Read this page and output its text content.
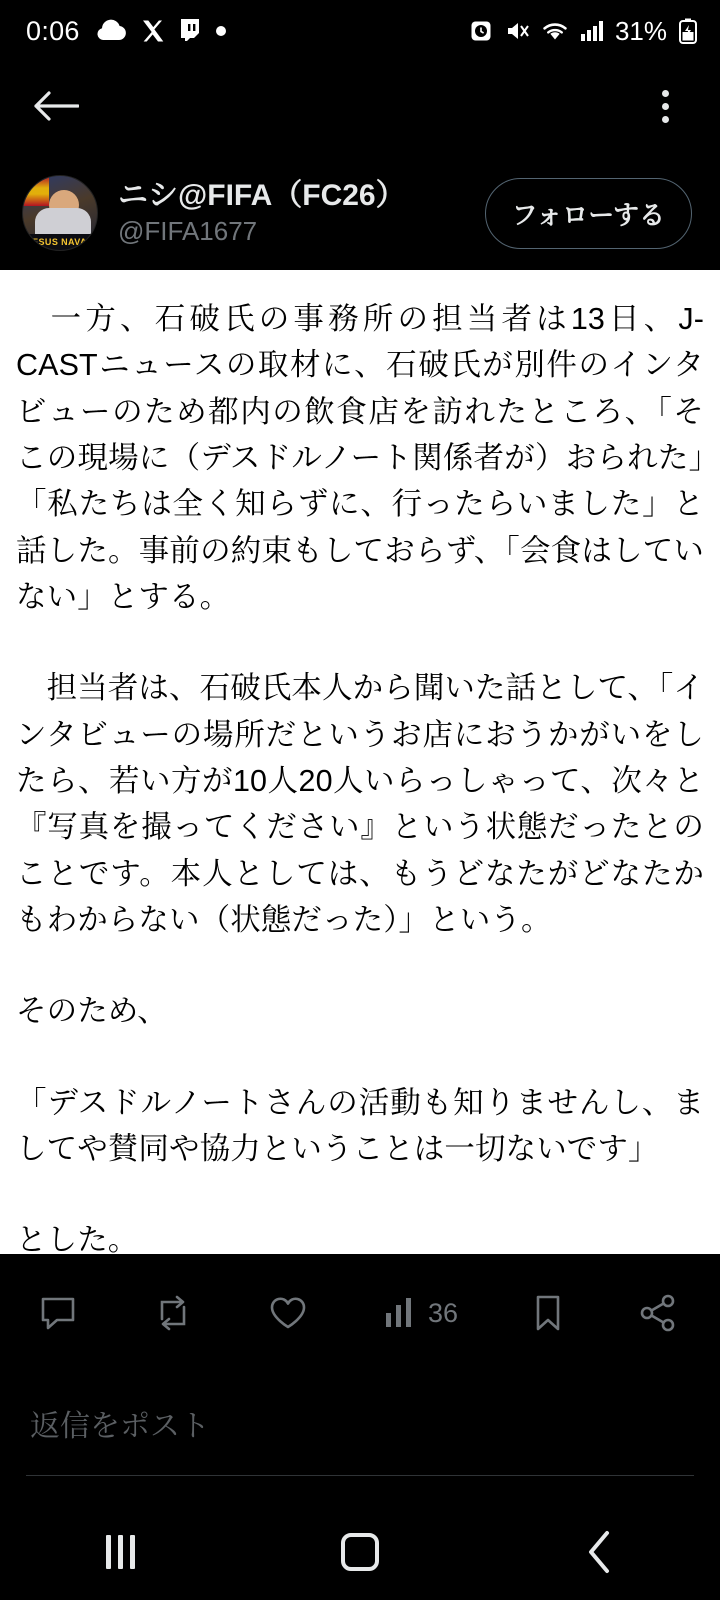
0:06	31%
JESUS NAVAS
ニシ@FIFA（FC26）
@FIFA1677
フォローする

　一方、石破氏の事務所の担当者は13日、J-CASTニュースの取材に、石破氏が別件のインタビューのため都内の飲食店を訪れたところ、「そこの現場に（デスドルノート関係者が）おられた」「私たちは全く知らずに、行ったらいました」と話した。事前の約束もしておらず、「会食はしていない」とする。

　担当者は、石破氏本人から聞いた話として、「インタビューの場所だというお店におうかがいをしたら、若い方が10人20人いらっしゃって、次々と『写真を撮ってください』という状態だったとのことです。本人としては、もうどなたがどなたかもわからない（状態だった）」という。

そのため、

「デスドルノートさんの活動も知りませんし、ましてや賛同や協力ということは一切ないです」

とした。

36
返信をポスト
